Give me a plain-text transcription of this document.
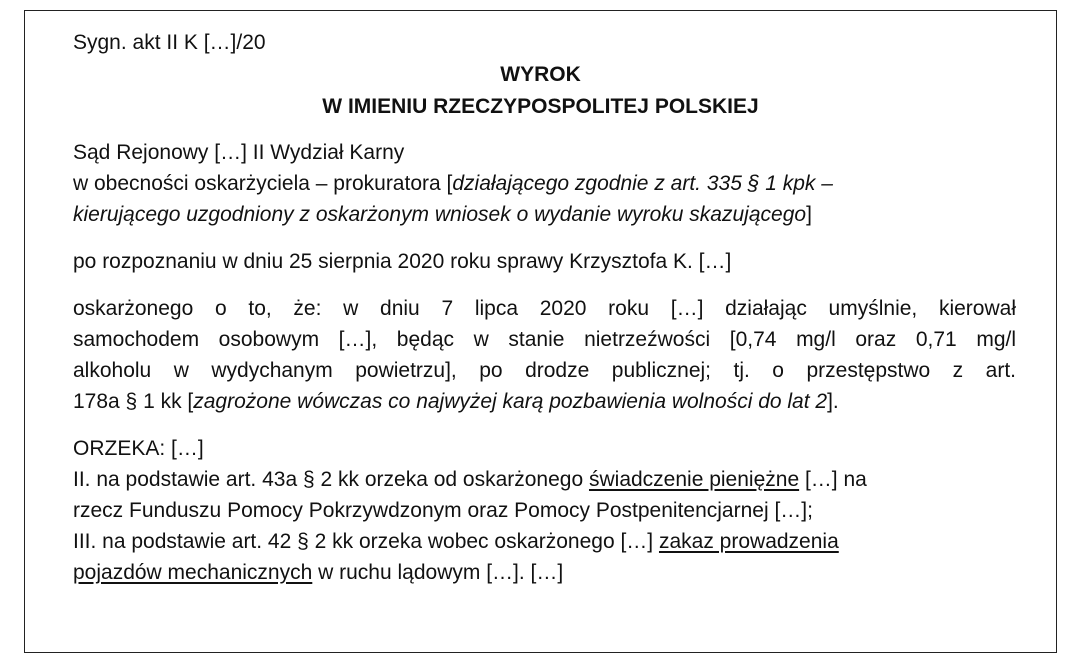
Sygn. akt II K […]/20

WYROK

W IMIENIU RZECZYPOSPOLITEJ POLSKIEJ

Sąd Rejonowy […] II Wydział Karny

w obecności oskarżyciela – prokuratora [działającego zgodnie z art. 335 § 1 kpk –

kierującego uzgodniony z oskarżonym wniosek o wydanie wyroku skazującego]

po rozpoznaniu w dniu 25 sierpnia 2020 roku sprawy Krzysztofa K. […]

oskarżonego o to, że: w dniu 7 lipca 2020 roku […] działając umyślnie, kierował

samochodem osobowym […], będąc w stanie nietrzeźwości [0,74 mg/l oraz 0,71 mg/l

alkoholu w wydychanym powietrzu], po drodze publicznej; tj. o przestępstwo z art.

178a § 1 kk [zagrożone wówczas co najwyżej karą pozbawienia wolności do lat 2].

ORZEKA: […]

II. na podstawie art. 43a § 2 kk orzeka od oskarżonego świadczenie pieniężne […] na

rzecz Funduszu Pomocy Pokrzywdzonym oraz Pomocy Postpenitencjarnej […];

III. na podstawie art. 42 § 2 kk orzeka wobec oskarżonego […] zakaz prowadzenia

pojazdów mechanicznych w ruchu lądowym […]. […]
